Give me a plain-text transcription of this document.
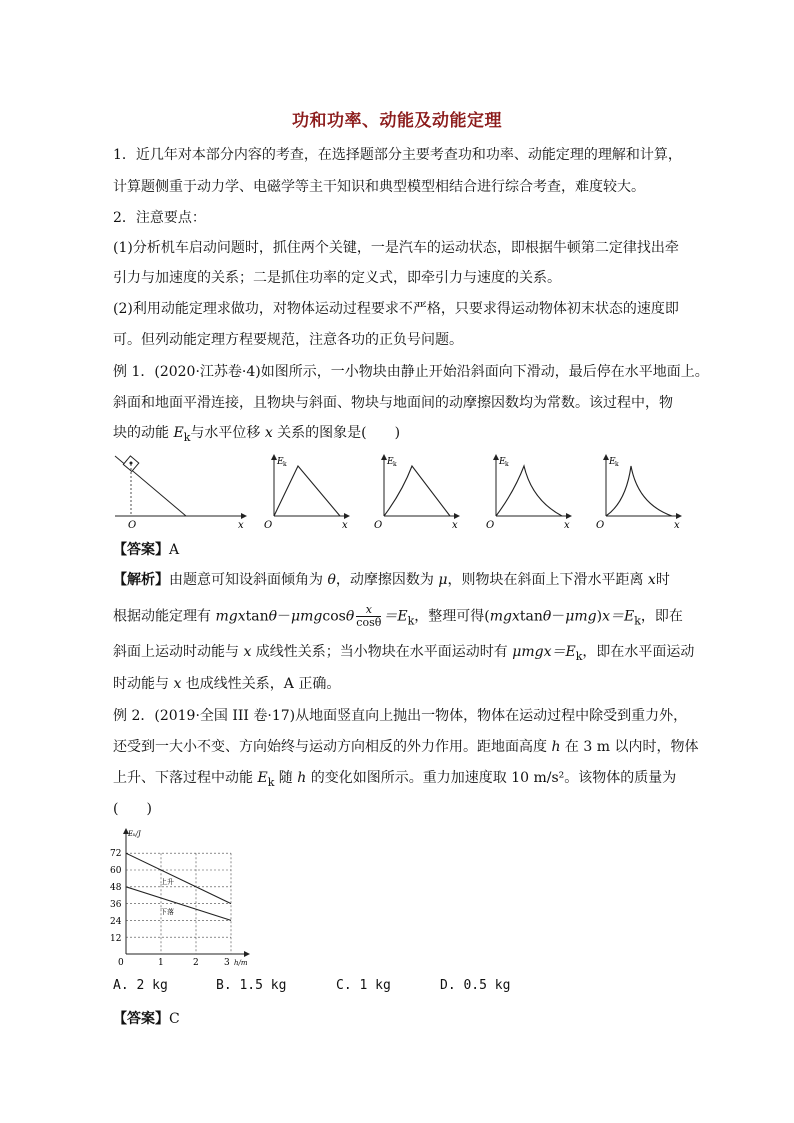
功和功率、动能及动能定理
1．近几年对本部分内容的考查，在选择题部分主要考查功和功率、动能定理的理解和计算，
计算题侧重于动力学、电磁学等主干知识和典型模型相结合进行综合考查，难度较大。
2．注意要点：
(1)分析机车启动问题时，抓住两个关键，一是汽车的运动状态，即根据牛顿第二定律找出牵
引力与加速度的关系；二是抓住功率的定义式，即牵引力与速度的关系。
(2)利用动能定理求做功，对物体运动过程要求不严格，只要求得运动物体初末状态的速度即
可。但列动能定理方程要规范，注意各功的正负号问题。
例 1．(2020·江苏卷·4)如图所示，一小物块由静止开始沿斜面向下滑动，最后停在水平地面上。
斜面和地面平滑连接，且物块与斜面、物块与地面间的动摩擦因数均为常数。该过程中，物
块的动能 $E_k$与水平位移 x 关系的图象是(　　)
O	x
E k
O	x
E k
O	x
E k
O	x
E k
O	x
【答案】A
【解析】由题意可知设斜面倾角为 θ，动摩擦因数为 μ，则物块在斜面上下滑水平距离 x时
根据动能定理有 $mgxtan\theta-\mu mgcos\theta \frac{x}{\cos\theta} =E_k$，整理可得$(mgxtan\theta-\mu mg)x=E_k$，即在
斜面上运动时动能与 x 成线性关系；当小物块在水平面运动时有 $\mu mgx=E_k$，即在水平面运动
时动能与 x 也成线性关系，A 正确。
例 2．(2019·全国 III 卷·17)从地面竖直向上抛出一物体，物体在运动过程中除受到重力外，
还受到一大小不变、方向始终与运动方向相反的外力作用。距地面高度 h 在 3 m 以内时，物体
上升、下落过程中动能 $E_k$ 随 h 的变化如图所示。重力加速度取 10 m/s²。该物体的质量为
(　　)
上升
下落
72
60
48
36
24
12
1	2	3
0
Eₖ/J
h/m
A. 2 kg	B. 1.5 kg	C. 1 kg	D. 0.5 kg
【答案】C
